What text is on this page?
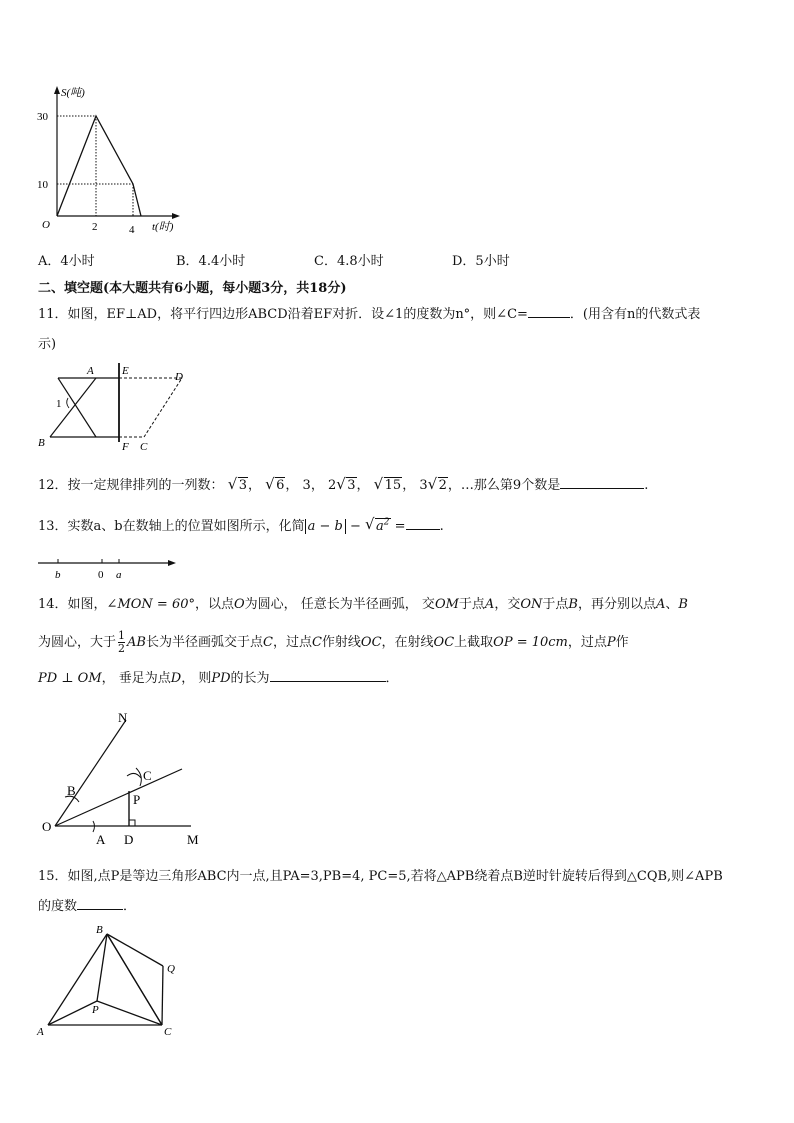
S(吨)
t(时)
O
30
10
2	4
A．4小时	B．4.4小时	C．4.8小时	D．5小时
二、填空题(本大题共有6小题，每小题3分，共18分)
11．如图，EF⊥AD，将平行四边形ABCD沿着EF对折．设∠1的度数为n°，则∠C=	．(用含有n的代数式表
示)
A	E	D
1
B	F C
12．按一定规律排列的一列数： √ 3， √ 6， 3， 2 √ 3， √ 15， 3 √ 2，…那么第9个数是	.
13．实数a、b在数轴上的位置如图所示，化简 a − b − √ $a^2$ =	.
b	0 a
14．如图，∠MON = 60°，以点O为圆心， 任意长为半径画弧， 交OM于点A，交ON于点B，再分别以点A、B
为圆心，大于 $\frac{1}{2}$ AB长为半径画弧交于点C，过点C作射线OC，在射线OC上截取OP = 10cm，过点P作
PD ⊥ OM， 垂足为点D， 则PD的长为	．
N
B
C
P
O
A D	M
15．如图,点P是等边三角形ABC内一点,且PA=3,PB=4, PC=5,若将△APB绕着点B逆时针旋转后得到△CQB,则∠APB
的度数	．
B
Q
P
A	C
